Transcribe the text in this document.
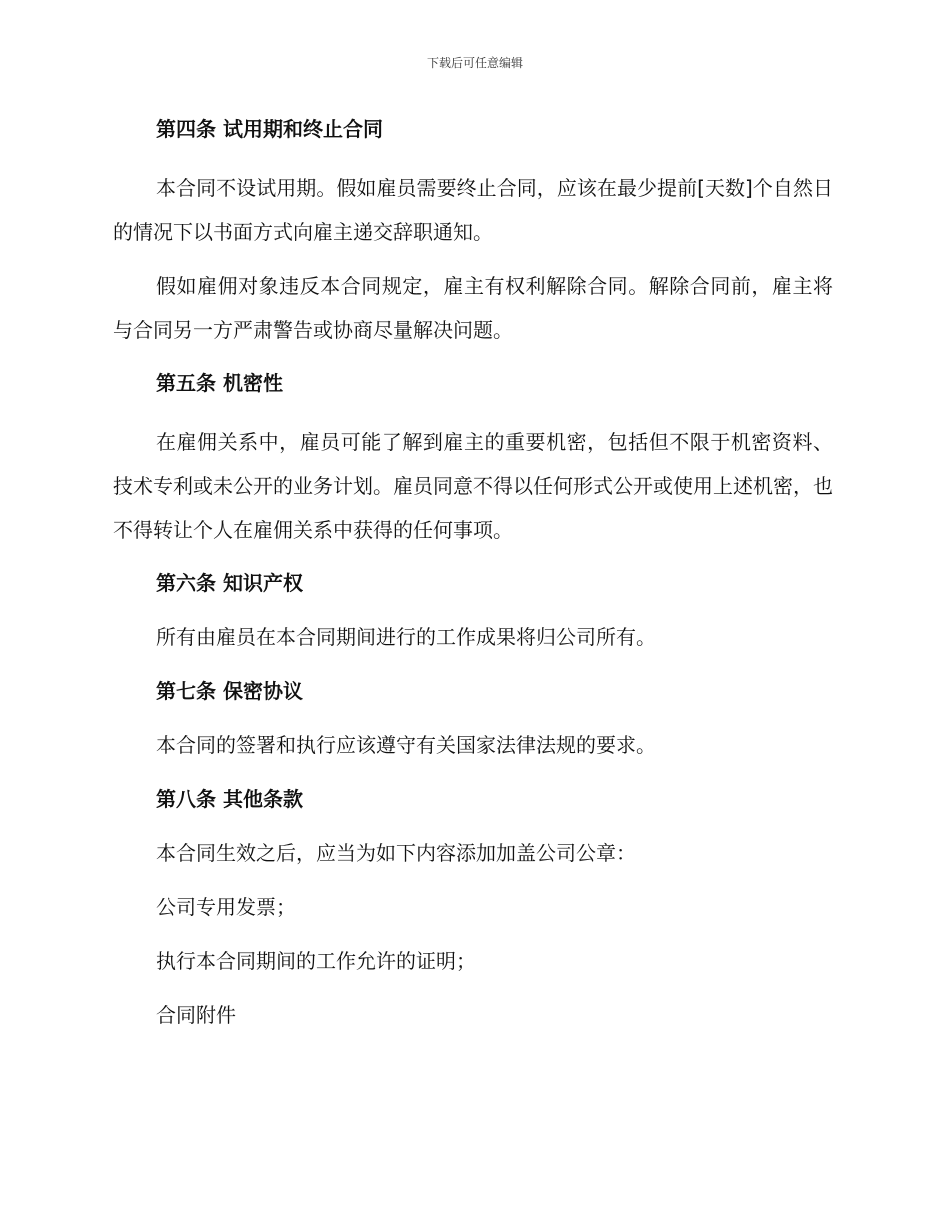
下载后可任意编辑
第四条 试用期和终止合同
本合同不设试用期。假如雇员需要终止合同，应该在最少提前[天数]个自然日的情况下以书面方式向雇主递交辞职通知。
假如雇佣对象违反本合同规定，雇主有权利解除合同。解除合同前，雇主将与合同另一方严肃警告或协商尽量解决问题。
第五条 机密性
在雇佣关系中，雇员可能了解到雇主的重要机密，包括但不限于机密资料、技术专利或未公开的业务计划。雇员同意不得以任何形式公开或使用上述机密，也不得转让个人在雇佣关系中获得的任何事项。
第六条 知识产权
所有由雇员在本合同期间进行的工作成果将归公司所有。
第七条 保密协议
本合同的签署和执行应该遵守有关国家法律法规的要求。
第八条 其他条款
本合同生效之后，应当为如下内容添加加盖公司公章：
公司专用发票；
执行本合同期间的工作允许的证明；
合同附件
